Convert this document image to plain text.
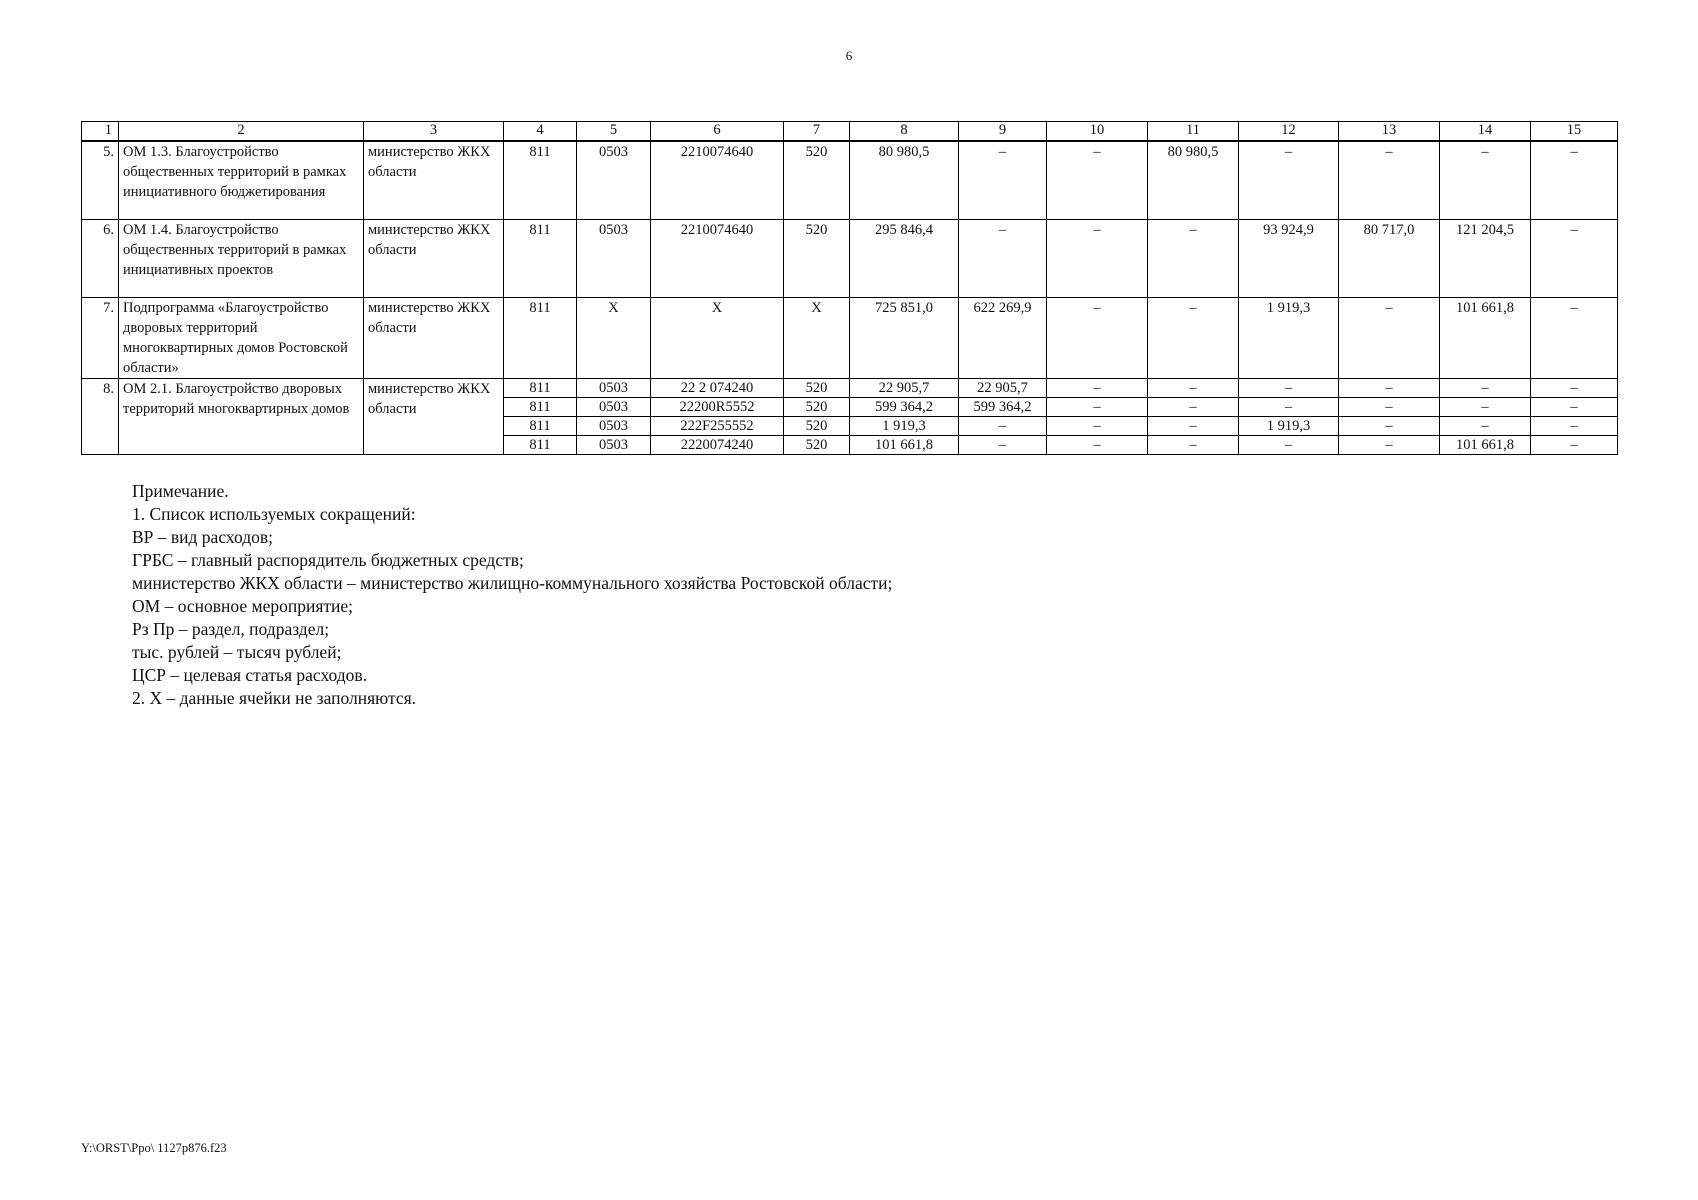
6
1	2	3	4	5	6	7	8	9	10	11	12	13	14	15
5.	ОМ 1.3. Благоустройство общественных территорий в рамках инициативного бюджетирования	министерство ЖКХ области	811	0503	2210074640	520	80 980,5	–	–	80 980,5	–	–	–	–
6.	ОМ 1.4. Благоустройство общественных территорий в рамках инициативных проектов	министерство ЖКХ области	811	0503	2210074640	520	295 846,4	–	–	–	93 924,9	80 717,0	121 204,5	–
7.	Подпрограмма «Благоустройство дворовых территорий многоквартирных домов Ростовской области»	министерство ЖКХ области	811	X	X	X	725 851,0	622 269,9	–	–	1 919,3	–	101 661,8	–
8.	ОМ 2.1. Благоустройство дворовых территорий многоквартирных домов	министерство ЖКХ области	811	0503	22 2 074240	520	22 905,7	22 905,7	–	–	–	–	–	–
			811	0503	22200R5552	520	599 364,2	599 364,2	–	–	–	–	–	–
			811	0503	222F255552	520	1 919,3	–	–	–	1 919,3	–	–	–
			811	0503	2220074240	520	101 661,8	–	–	–	–	–	101 661,8	–
Примечание.
1. Список используемых сокращений:
ВР – вид расходов;
ГРБС – главный распорядитель бюджетных средств;
министерство ЖКХ области – министерство жилищно-коммунального хозяйства Ростовской области;
ОМ – основное мероприятие;
Рз Пр – раздел, подраздел;
тыс. рублей – тысяч рублей;
ЦСР – целевая статья расходов.
2. Х – данные ячейки не заполняются.
Y:\ORST\Ppo\ 1127p876.f23
